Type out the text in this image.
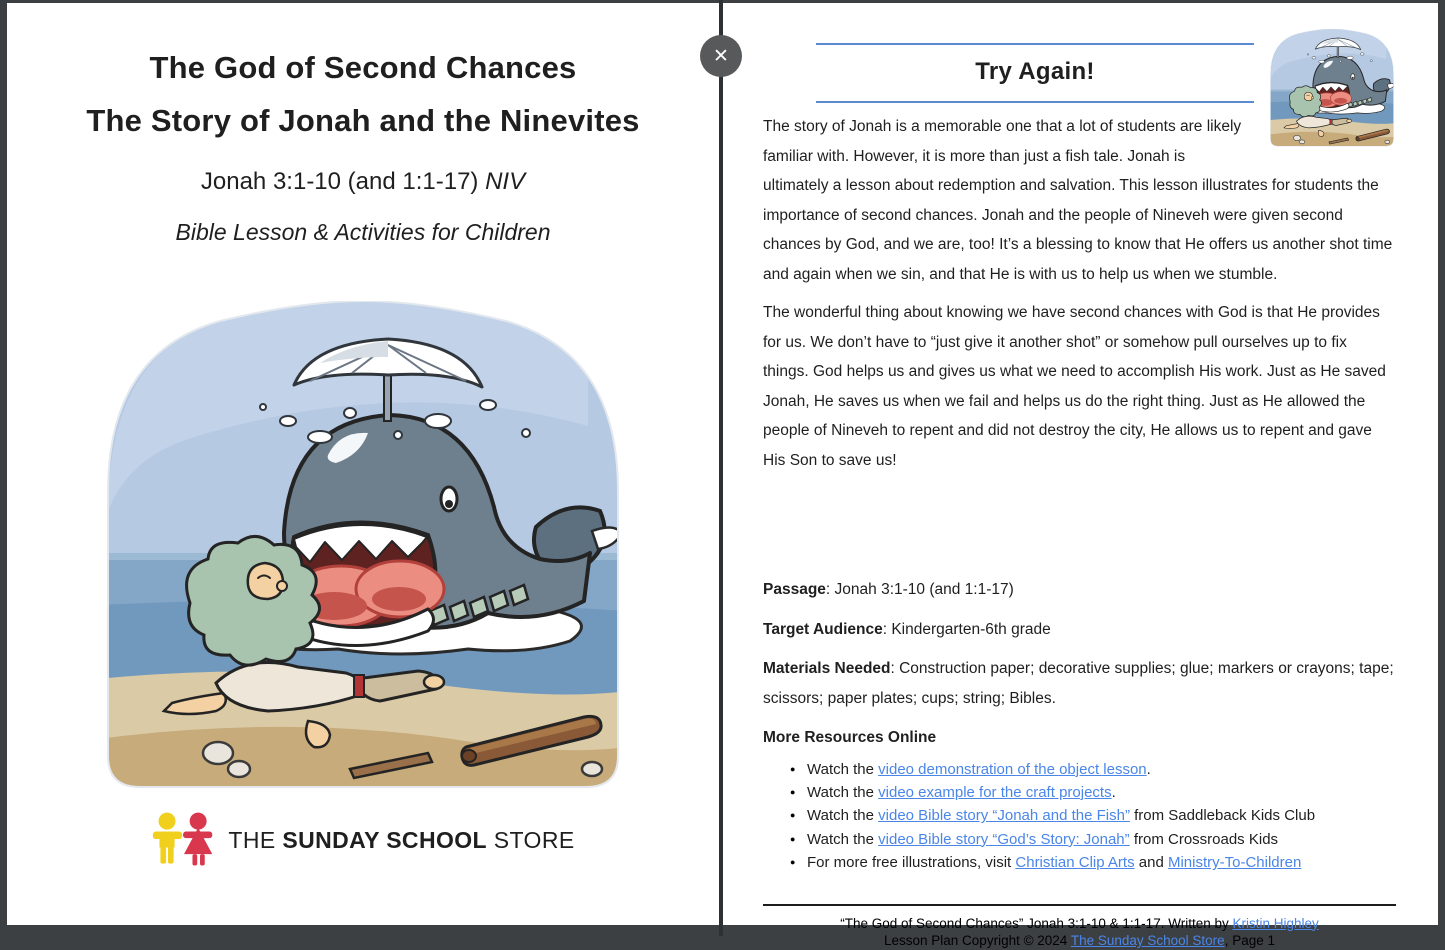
The God of Second Chances
The Story of Jonah and the Ninevites
Jonah 3:1-10 (and 1:1-17) NIV
Bible Lesson & Activities for Children
THE SUNDAY SCHOOL STORE
Try Again!

The story of Jonah is a memorable one that a lot of students are likely familiar with. However, it is more than just a fish tale. Jonah is ultimately a lesson about redemption and salvation. This lesson illustrates for students the importance of second chances. Jonah and the people of Nineveh were given second chances by God, and we are, too! It’s a blessing to know that He offers us another shot time and again when we sin, and that He is with us to help us when we stumble.

The wonderful thing about knowing we have second chances with God is that He provides for us. We don’t have to “just give it another shot” or somehow pull ourselves up to fix things. God helps us and gives us what we need to accomplish His work. Just as He saved Jonah, He saves us when we fail and helps us do the right thing. Just as He allowed the people of Nineveh to repent and did not destroy the city, He allows us to repent and gave His Son to save us!

Passage: Jonah 3:1-10 (and 1:1-17)
Target Audience: Kindergarten-6th grade
Materials Needed: Construction paper; decorative supplies; glue; markers or crayons; tape; scissors; paper plates; cups; string; Bibles.
More Resources Online
● Watch the video demonstration of the object lesson.
● Watch the video example for the craft projects.
● Watch the video Bible story “Jonah and the Fish” from Saddleback Kids Club
● Watch the video Bible story “God’s Story: Jonah” from Crossroads Kids
● For more free illustrations, visit Christian Clip Arts and Ministry-To-Children
“The God of Second Chances” Jonah 3:1-10 & 1:1-17. Written by Kristin Highley
Lesson Plan Copyright © 2024 The Sunday School Store, Page 1
✕
